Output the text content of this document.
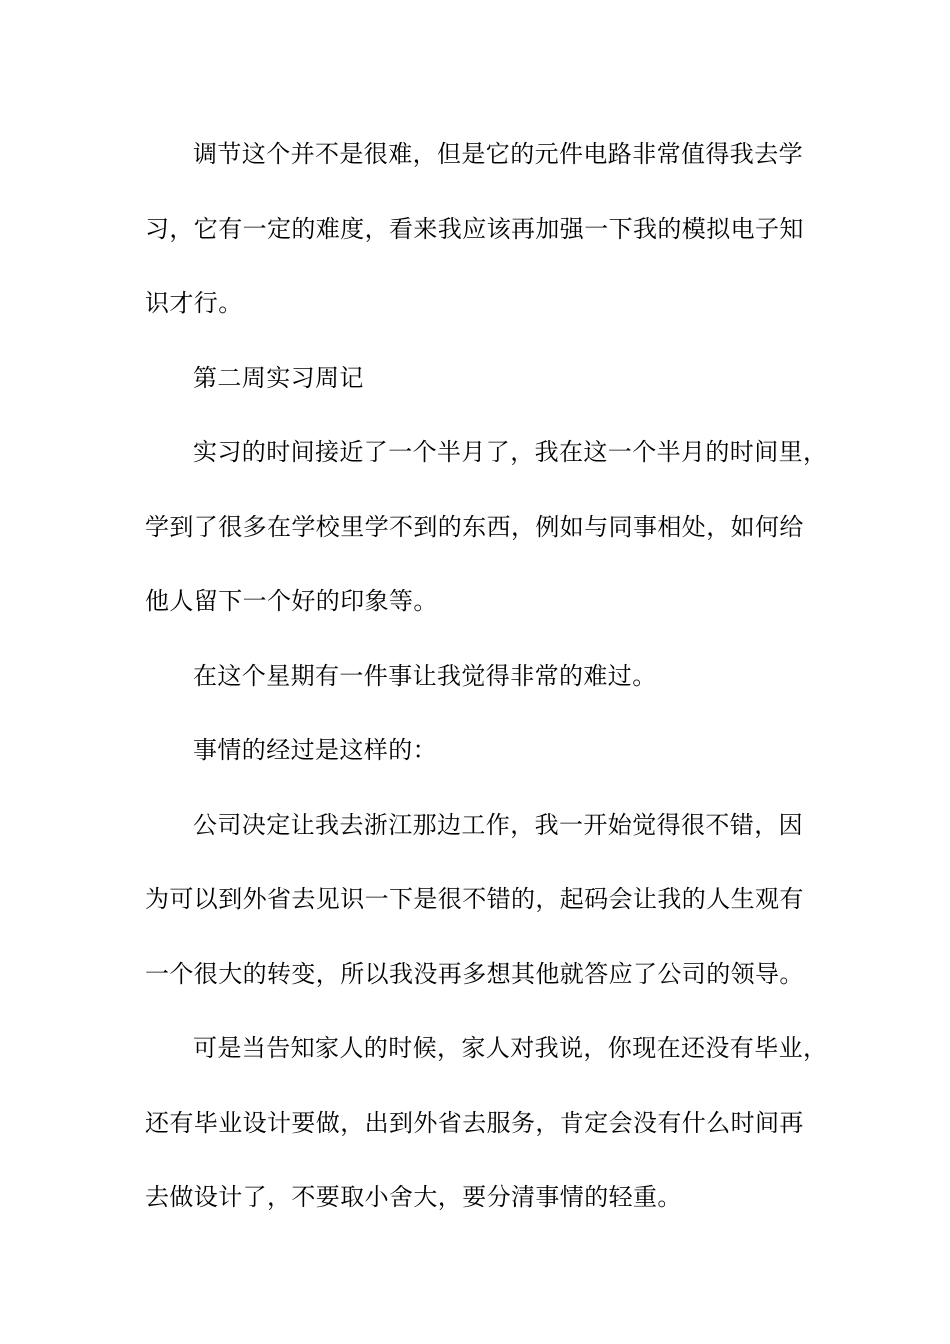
调节这个并不是很难，但是它的元件电路非常值得我去学
习，它有一定的难度，看来我应该再加强一下我的模拟电子知
识才行。
第二周实习周记
实习的时间接近了一个半月了，我在这一个半月的时间里，
学到了很多在学校里学不到的东西，例如与同事相处，如何给
他人留下一个好的印象等。
在这个星期有一件事让我觉得非常的难过。
事情的经过是这样的：
公司决定让我去浙江那边工作，我一开始觉得很不错，因
为可以到外省去见识一下是很不错的，起码会让我的人生观有
一个很大的转变，所以我没再多想其他就答应了公司的领导。
可是当告知家人的时候，家人对我说，你现在还没有毕业，
还有毕业设计要做，出到外省去服务，肯定会没有什么时间再
去做设计了，不要取小舍大，要分清事情的轻重。
